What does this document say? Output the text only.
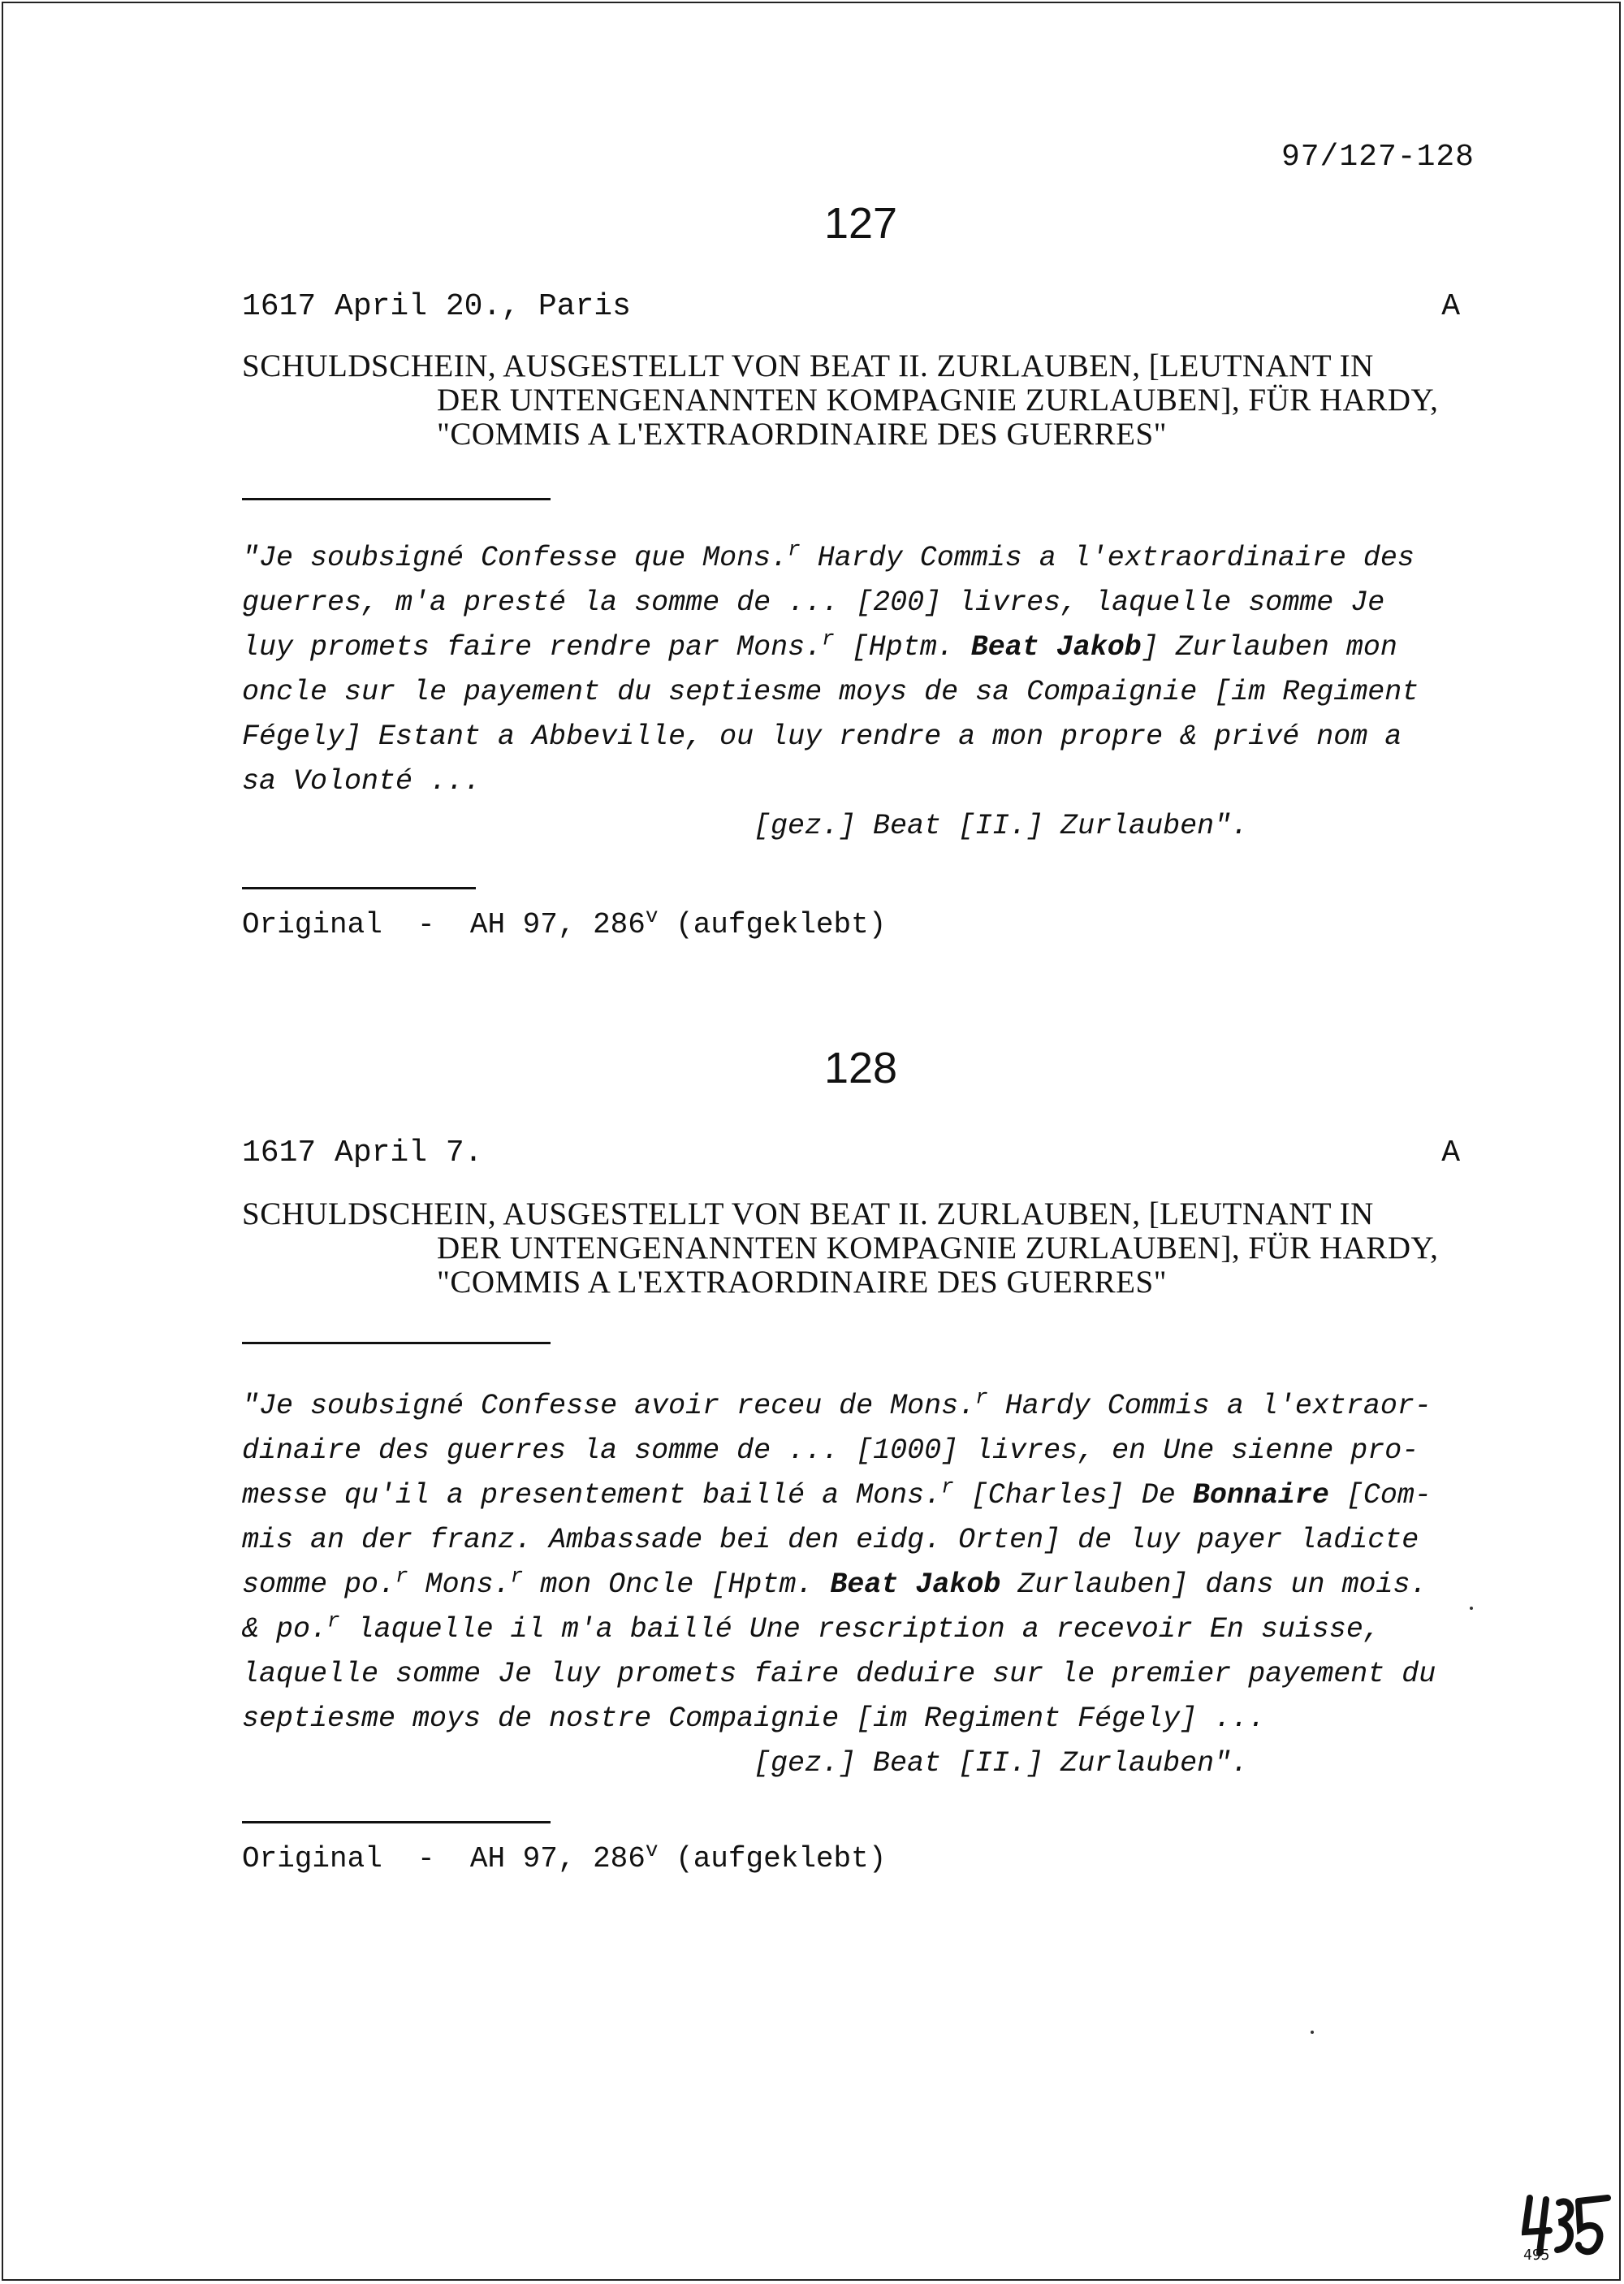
97/127-128
127
1617 April 20., Paris	A
SCHULDSCHEIN, AUSGESTELLT VON BEAT II. ZURLAUBEN, [LEUTNANT IN
DER UNTENGENANNTEN KOMPAGNIE ZURLAUBEN], FÜR HARDY,
"COMMIS A L'EXTRAORDINAIRE DES GUERRES"
"Je soubsigné Confesse que Mons.$^r$ Hardy Commis a l'extraordinaire des
guerres, m'a presté la somme de ... [200] livres, laquelle somme Je
luy promets faire rendre par Mons.$^r$ [Hptm. Beat Jakob] Zurlauben mon
oncle sur le payement du septiesme moys de sa Compaignie [im Regiment
Fégely] Estant a Abbeville, ou luy rendre a mon propre & privé nom a
sa Volonté ...
[gez.] Beat [II.] Zurlauben".
Original  -  AH 97, 286$^v$ (aufgeklebt)
128
1617 April 7.	A
SCHULDSCHEIN, AUSGESTELLT VON BEAT II. ZURLAUBEN, [LEUTNANT IN
DER UNTENGENANNTEN KOMPAGNIE ZURLAUBEN], FÜR HARDY,
"COMMIS A L'EXTRAORDINAIRE DES GUERRES"
"Je soubsigné Confesse avoir receu de Mons.$^r$ Hardy Commis a l'extraor-
dinaire des guerres la somme de ... [1000] livres, en Une sienne pro-
messe qu'il a presentement baillé a Mons.$^r$ [Charles] De Bonnaire [Com-
mis an der franz. Ambassade bei den eidg. Orten] de luy payer ladicte
somme po.$^r$ Mons.$^r$ mon Oncle [Hptm. Beat Jakob Zurlauben] dans un mois.
& po.$^r$ laquelle il m'a baillé Une rescription a recevoir En suisse,
laquelle somme Je luy promets faire deduire sur le premier payement du
septiesme moys de nostre Compaignie [im Regiment Fégely] ...
[gez.] Beat [II.] Zurlauben".
Original  -  AH 97, 286$^v$ (aufgeklebt)
495
